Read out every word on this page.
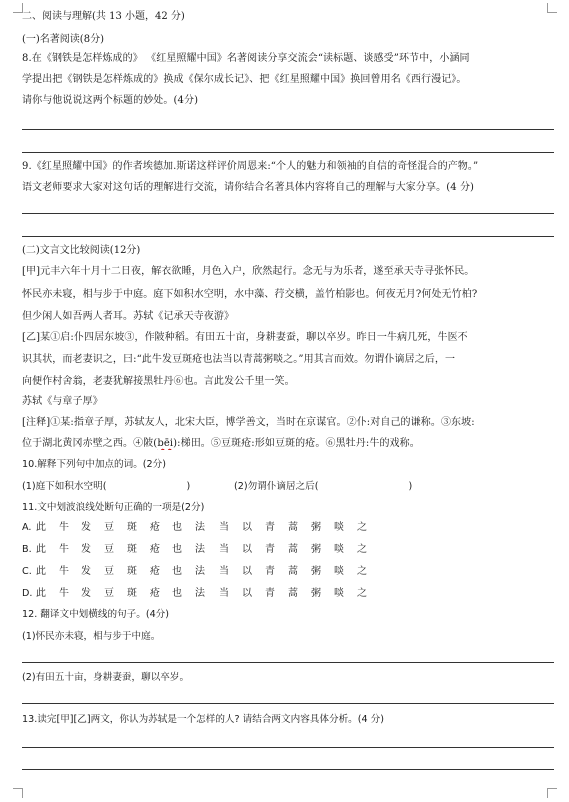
二、阅读与理解(共 13 小题，42 分)
(一)名著阅读(8分)
8.在《钢铁是怎样炼成的》 《红星照耀中国》名著阅读分享交流会“读标题、谈感受”环节中，小涵同
学提出把《钢铁是怎样炼成的》换成《保尔成长记》、把《红星照耀中国》换回曾用名《西行漫记》。
请你与他说说这两个标题的妙处。(4分)
9.《红星照耀中国》的作者埃德加.斯诺这样评价周恩来:“个人的魅力和领袖的自信的奇怪混合的产物。”
语文老师要求大家对这句话的理解进行交流，请你结合名著具体内容将自己的理解与大家分享。(4 分)
(二)文言文比较阅读(12分)
[甲]元丰六年十月十二日夜，解衣欲睡，月色入户，欣然起行。念无与为乐者，遂至承天寺寻张怀民。
怀民亦未寝，相与步于中庭。庭下如积水空明，水中藻、荇交横，盖竹柏影也。何夜无月?何处无竹柏?
但少闲人如吾两人者耳。苏轼《记承天寺夜游》
[乙]某①启:仆四居东坡③，作陂种稻。有田五十亩，身耕妻蚕，聊以卒岁。昨日一牛病几死，牛医不
识其状，而老妻识之，曰:“此牛发豆斑疮也法当以青蒿粥啖之。”用其言而效。勿谓仆谪居之后，一
向便作村舍翁，老妻犹解接黑牡丹⑥也。言此发公千里一笑。
苏轼《与章子厚》
[注释]①某:指章子厚，苏轼友人，北宋大臣，博学善文，当时在京谋官。②仆:对自己的谦称。③东坡:
位于湖北黄冈赤壁之西。④陂(bēi):梯田。⑤豆斑疮:形如豆斑的疮。⑥黑牡丹:牛的戏称。
10.解释下列句中加点的词。(2分)
(1)庭下如积水空明(	)	(2)勿谓仆谪居之后(	)
11.文中划波浪线处断句正确的一项是(2分)
A. 此 牛 发 豆 斑 疮 也 法 当 以 青 蒿 粥 啖 之
B. 此 牛 发 豆 斑 疮 也 法 当 以 青 蒿 粥 啖 之
C. 此 牛 发 豆 斑 疮 也 法 当 以 青 蒿 粥 啖 之
D. 此 牛 发 豆 斑 疮 也 法 当 以 青 蒿 粥 啖 之
12. 翻译文中划横线的句子。(4分)
(1)怀民亦未寝，相与步于中庭。
(2)有田五十亩，身耕妻蚕，聊以卒岁。
13.读完[甲][乙]两文，你认为苏轼是一个怎样的人? 请结合两文内容具体分析。(4 分)
